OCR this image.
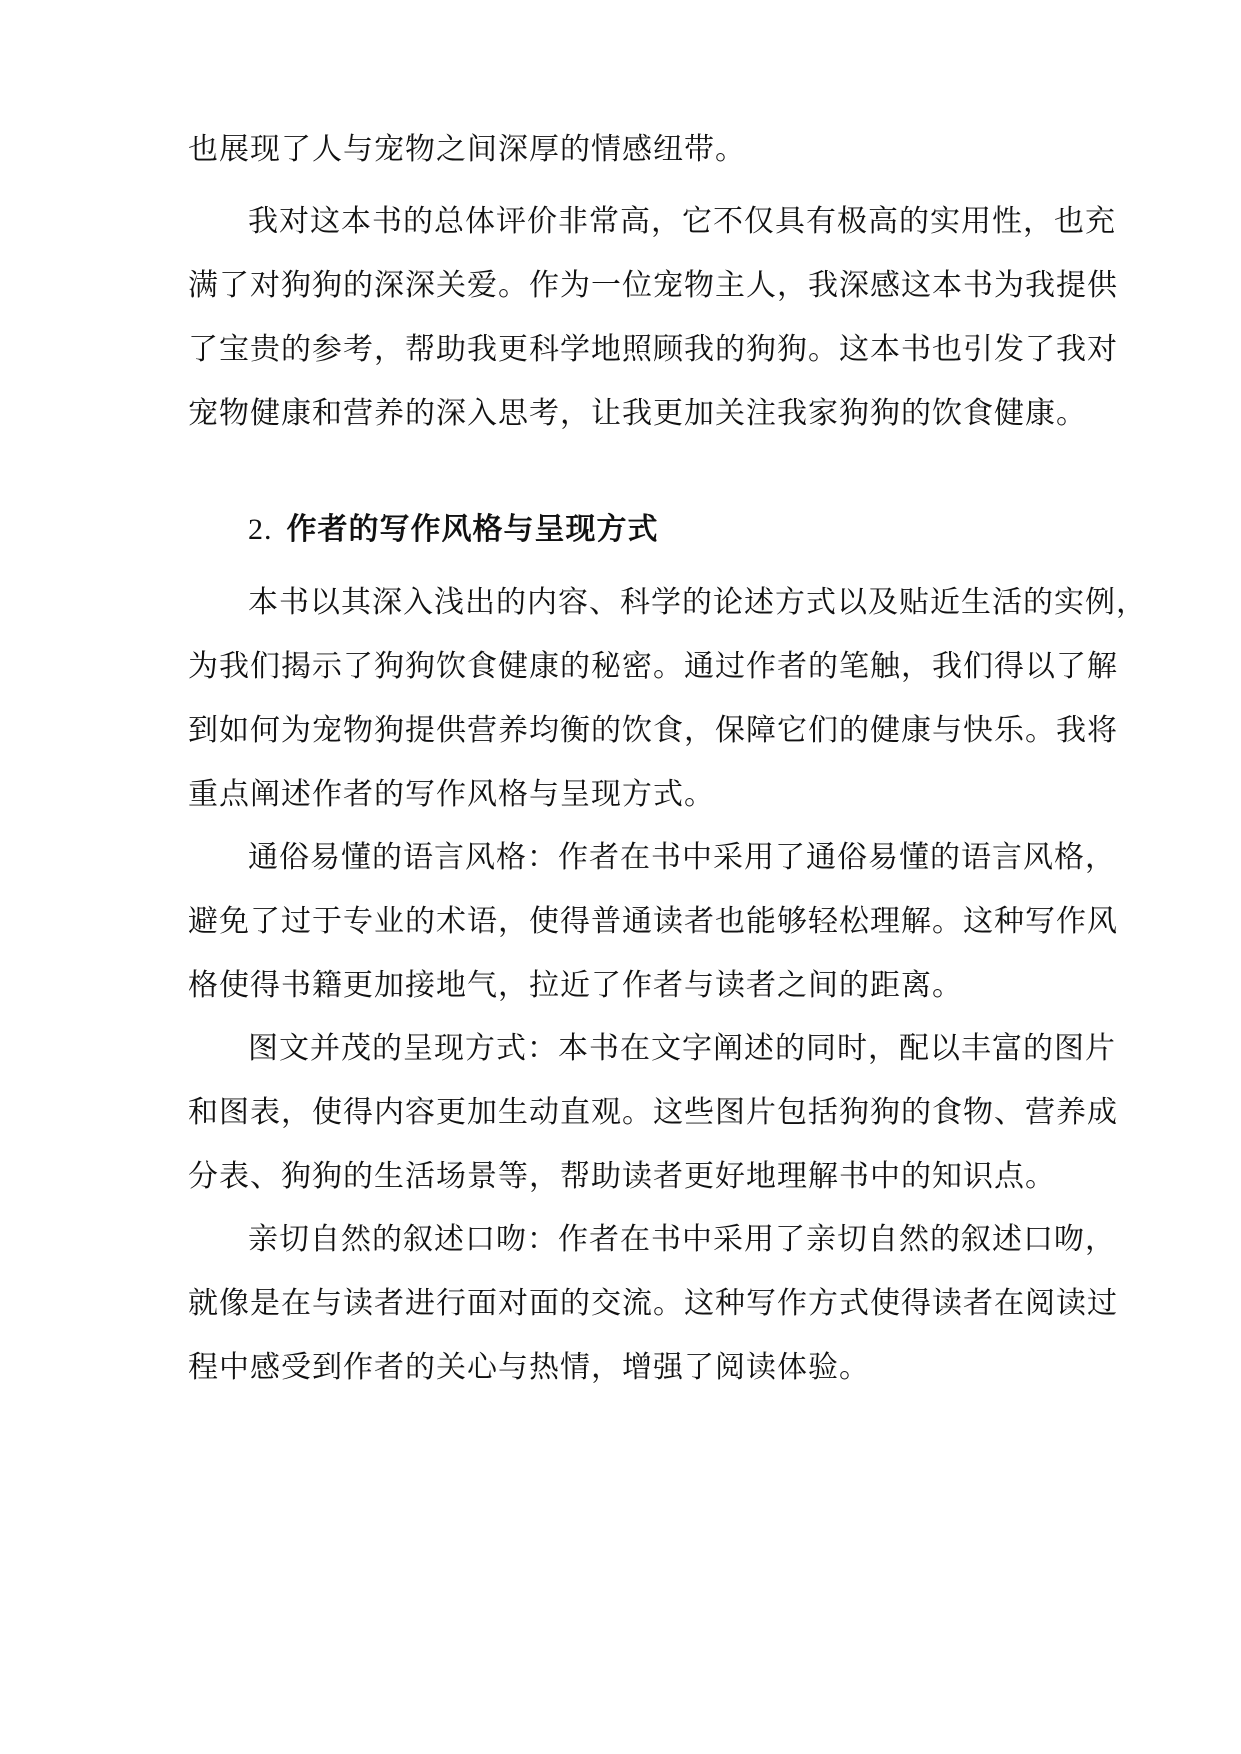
也展现了人与宠物之间深厚的情感纽带。
我对这本书的总体评价非常高，它不仅具有极高的实用性，也充
满了对狗狗的深深关爱。作为一位宠物主人，我深感这本书为我提供
了宝贵的参考，帮助我更科学地照顾我的狗狗。这本书也引发了我对
宠物健康和营养的深入思考，让我更加关注我家狗狗的饮食健康。
2. 作者的写作风格与呈现方式
本书以其深入浅出的内容、科学的论述方式以及贴近生活的实例，
为我们揭示了狗狗饮食健康的秘密。通过作者的笔触，我们得以了解
到如何为宠物狗提供营养均衡的饮食，保障它们的健康与快乐。我将
重点阐述作者的写作风格与呈现方式。
通俗易懂的语言风格：作者在书中采用了通俗易懂的语言风格，
避免了过于专业的术语，使得普通读者也能够轻松理解。这种写作风
格使得书籍更加接地气，拉近了作者与读者之间的距离。
图文并茂的呈现方式：本书在文字阐述的同时，配以丰富的图片
和图表，使得内容更加生动直观。这些图片包括狗狗的食物、营养成
分表、狗狗的生活场景等，帮助读者更好地理解书中的知识点。
亲切自然的叙述口吻：作者在书中采用了亲切自然的叙述口吻，
就像是在与读者进行面对面的交流。这种写作方式使得读者在阅读过
程中感受到作者的关心与热情，增强了阅读体验。
